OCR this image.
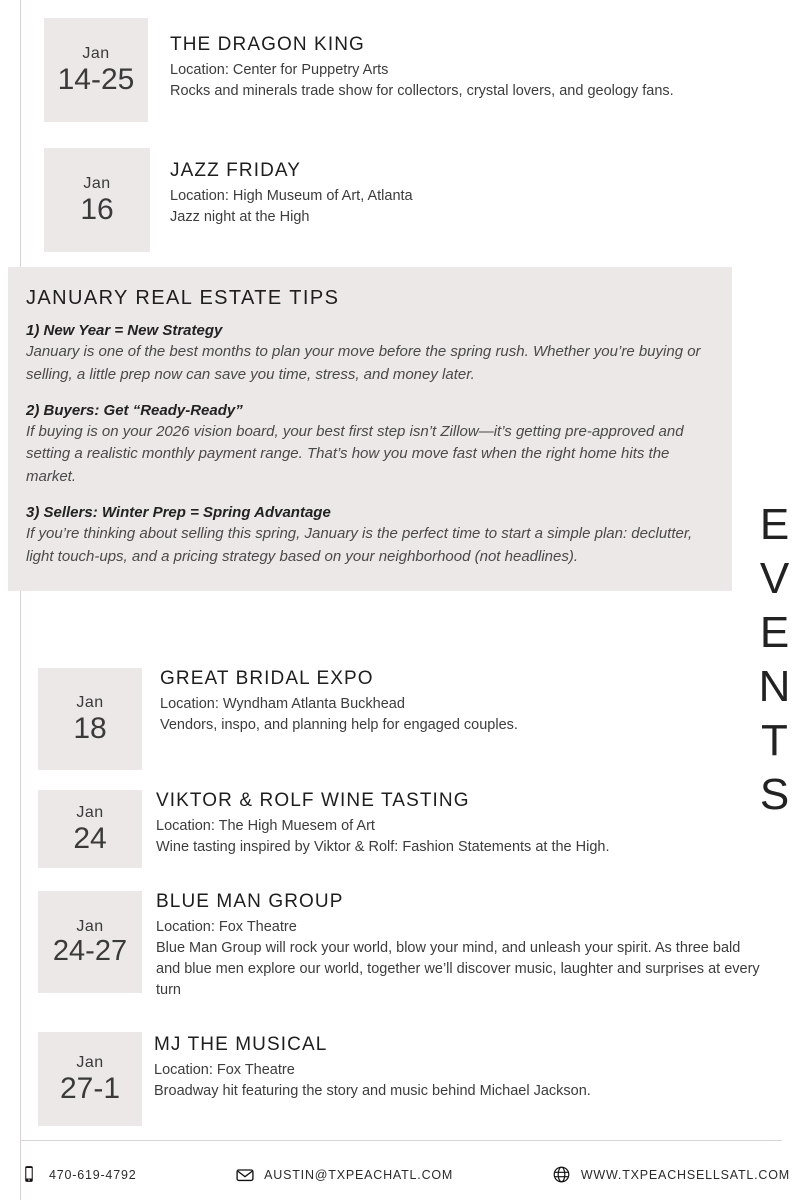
EVENTS
Jan
14-25
THE DRAGON KING
Location: Center for Puppetry Arts
Rocks and minerals trade show for collectors, crystal lovers, and geology fans.
Jan
16
JAZZ FRIDAY
Location: High Museum of Art, Atlanta
Jazz night at the High
JANUARY REAL ESTATE TIPS

1) New Year = New Strategy

January is one of the best months to plan your move before the spring rush. Whether you’re buying or selling, a little prep now can save you time, stress, and money later.

2) Buyers: Get “Ready-Ready”

If buying is on your 2026 vision board, your best first step isn’t Zillow—it’s getting pre-approved and setting a realistic monthly payment range. That’s how you move fast when the right home hits the market.

3) Sellers: Winter Prep = Spring Advantage

If you’re thinking about selling this spring, January is the perfect time to start a simple plan: declutter, light touch-ups, and a pricing strategy based on your neighborhood (not headlines).

Jan
18
GREAT BRIDAL EXPO
Location: Wyndham Atlanta Buckhead
Vendors, inspo, and planning help for engaged couples.
Jan
24
VIKTOR & ROLF WINE TASTING
Location: The High Muesem of Art
Wine tasting inspired by Viktor & Rolf: Fashion Statements at the High.
Jan
24-27
BLUE MAN GROUP
Location: Fox Theatre
Blue Man Group will rock your world, blow your mind, and unleash your spirit. As three bald and blue men explore our world, together we’ll discover music, laughter and surprises at every turn
Jan
27-1
MJ THE MUSICAL
Location: Fox Theatre
Broadway hit featuring the story and music behind Michael Jackson.
470-619-4792	AUSTIN@TXPEACHATL.COM	WWW.TXPEACHSELLSATL.COM
